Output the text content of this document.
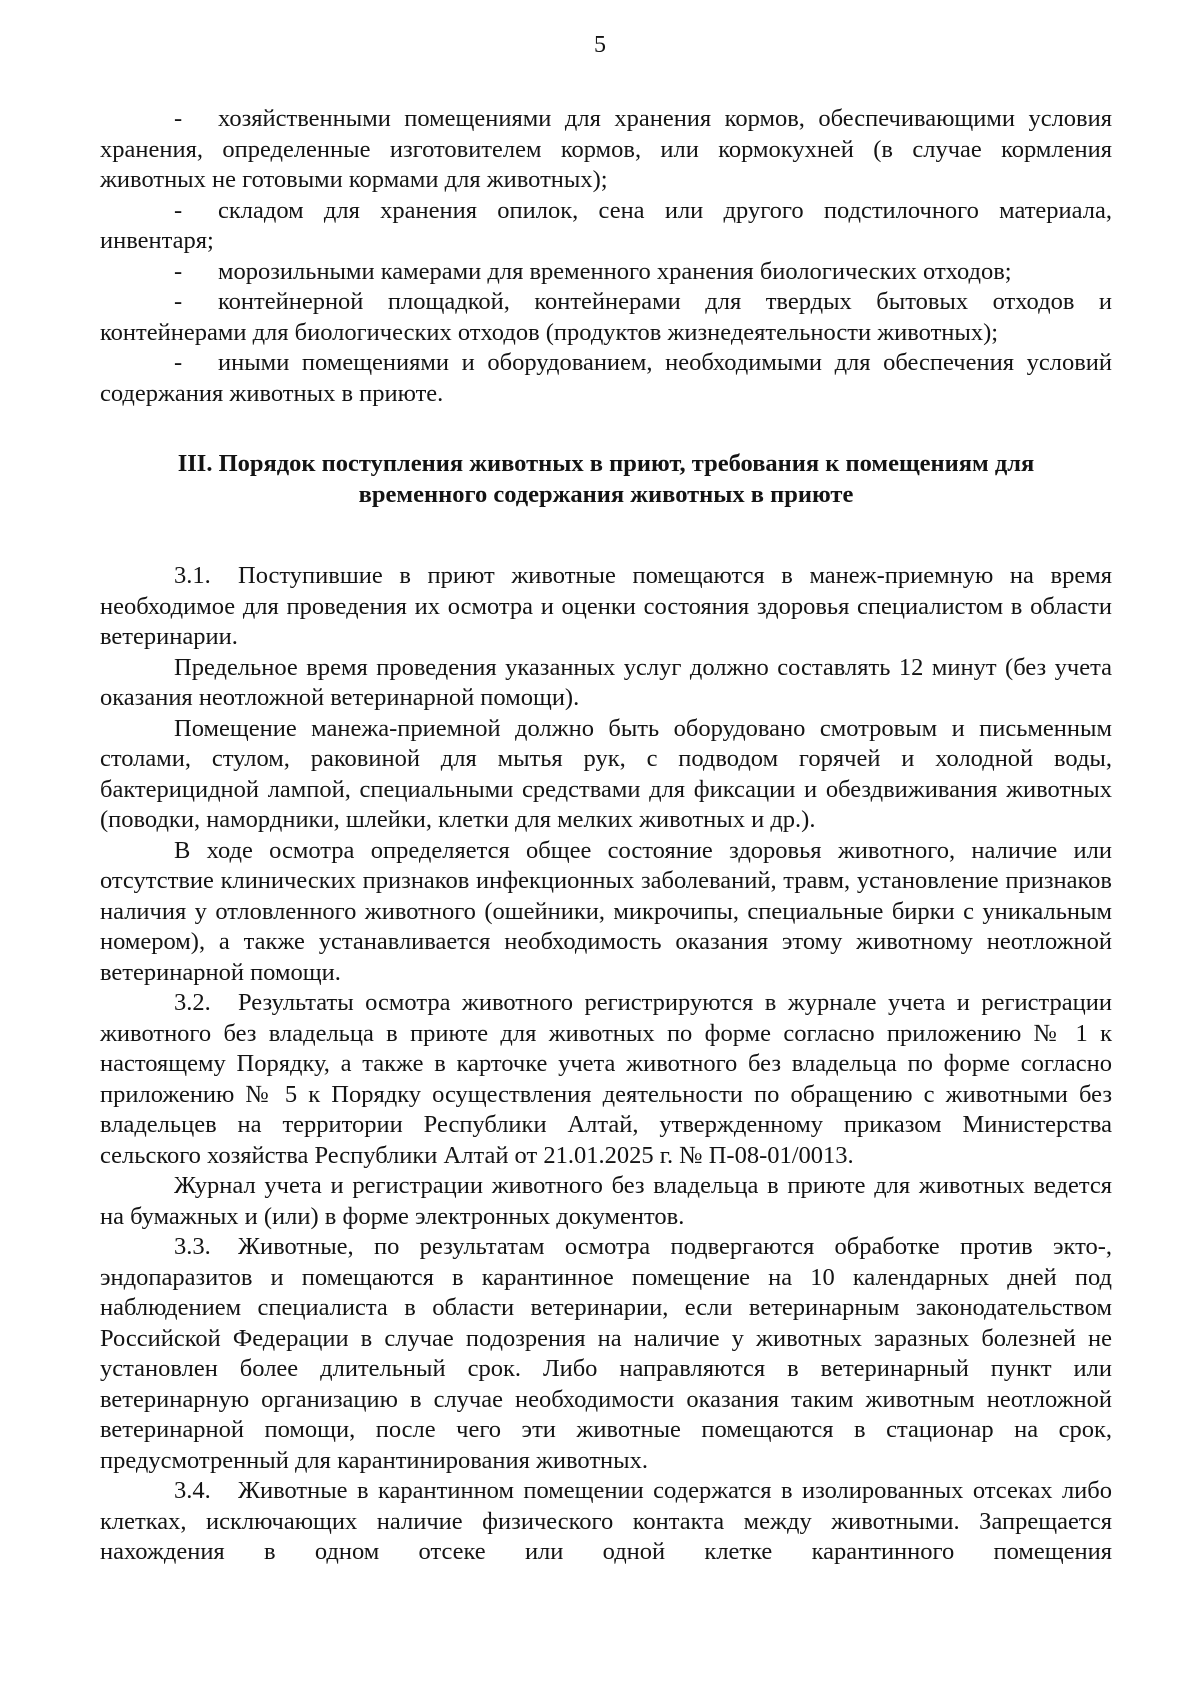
5

- хозяйственными помещениями для хранения кормов, обеспечивающими условия хранения, определенные изготовителем кормов, или кормокухней (в случае кормления животных не готовыми кормами для животных);

- складом для хранения опилок, сена или другого подстилочного материала, инвентаря;

- морозильными камерами для временного хранения биологических отходов;

- контейнерной площадкой, контейнерами для твердых бытовых отходов и контейнерами для биологических отходов (продуктов жизнедеятельности животных);

- иными помещениями и оборудованием, необходимыми для обеспечения условий содержания животных в приюте.

III. Порядок поступления животных в приют, требования к помещениям для временного содержания животных в приюте

3.1. Поступившие в приют животные помещаются в манеж-приемную на время необходимое для проведения их осмотра и оценки состояния здоровья специалистом в области ветеринарии.

Предельное время проведения указанных услуг должно составлять 12 минут (без учета оказания неотложной ветеринарной помощи).

Помещение манежа-приемной должно быть оборудовано смотровым и письменным столами, стулом, раковиной для мытья рук, с подводом горячей и холодной воды, бактерицидной лампой, специальными средствами для фиксации и обездвиживания животных (поводки, намордники, шлейки, клетки для мелких животных и др.).

В ходе осмотра определяется общее состояние здоровья животного, наличие или отсутствие клинических признаков инфекционных заболеваний, травм, установление признаков наличия у отловленного животного (ошейники, микрочипы, специальные бирки с уникальным номером), а также устанавливается необходимость оказания этому животному неотложной ветеринарной помощи.

3.2. Результаты осмотра животного регистрируются в журнале учета и регистрации животного без владельца в приюте для животных по форме согласно приложению № 1 к настоящему Порядку, а также в карточке учета животного без владельца по форме согласно приложению № 5 к Порядку осуществления деятельности по обращению с животными без владельцев на территории Республики Алтай, утвержденному приказом Министерства сельского хозяйства Республики Алтай от 21.01.2025 г. № П-08-01/0013.

Журнал учета и регистрации животного без владельца в приюте для животных ведется на бумажных и (или) в форме электронных документов.

3.3. Животные, по результатам осмотра подвергаются обработке против экто-, эндопаразитов и помещаются в карантинное помещение на 10 календарных дней под наблюдением специалиста в области ветеринарии, если ветеринарным законодательством Российской Федерации в случае подозрения на наличие у животных заразных болезней не установлен более длительный срок. Либо направляются в ветеринарный пункт или ветеринарную организацию в случае необходимости оказания таким животным неотложной ветеринарной помощи, после чего эти животные помещаются в стационар на срок, предусмотренный для карантинирования животных.

3.4. Животные в карантинном помещении содержатся в изолированных отсеках либо клетках, исключающих наличие физического контакта между животными. Запрещается нахождения в одном отсеке или одной клетке карантинного помещения
